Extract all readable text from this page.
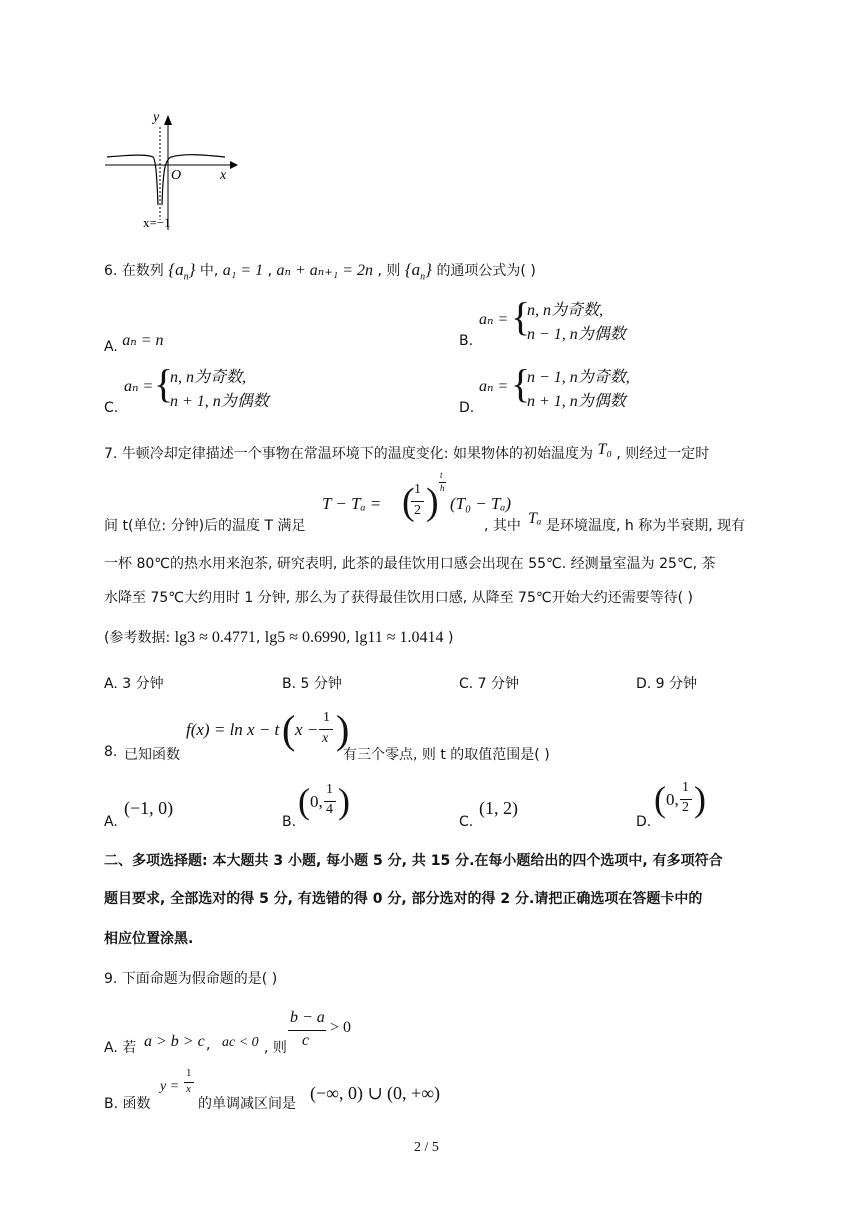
y
x
O
x=−1
6. 在数列 $\{a_n\}$ 中, a₁ = 1 , aₙ + aₙ₊₁ = 2n , 则 $\{a_n\}$ 的通项公式为( )
A. aₙ = n	B.
aₙ = {
n, n为奇数,
n − 1, n为偶数
C.
aₙ = {
n, n为奇数,
n + 1, n为偶数	D.
aₙ = {
n − 1, n为奇数,
n + 1, n为偶数
7. 牛顿冷却定律描述一个事物在常温环境下的温度变化: 如果物体的初始温度为 T₀ , 则经过一定时
间 t(单位: 分钟)后的温度 T 满足
T − Tₐ = ( 1
2 )
t
h
(T₀ − Tₐ)
, 其中 Tₐ 是环境温度, h 称为半衰期, 现有
一杯 80℃的热水用来泡茶, 研究表明, 此茶的最佳饮用口感会出现在 55℃. 经测量室温为 25℃, 茶
水降至 75℃大约用时 1 分钟, 那么为了获得最佳饮用口感, 从降至 75℃开始大约还需要等待( )
(参考数据: lg3 ≈ 0.4771, lg5 ≈ 0.6990, lg11 ≈ 1.0414 )
A. 3 分钟	B. 5 分钟	C. 7 分钟	D. 9 分钟
8. 已知函数
f(x) = ln x − t ( x −
1
x )
有三个零点, 则 t 的取值范围是( )
A.
(−1, 0)
B.
( 0,
1
4 )
C.
(1, 2)
D.
( 0,
1
2 )
二、多项选择题: 本大题共 3 小题, 每小题 5 分, 共 15 分.在每小题给出的四个选项中, 有多项符合
题目要求, 全部选对的得 5 分, 有选错的得 0 分, 部分选对的得 2 分.请把正确选项在答题卡中的
相应位置涂黑.
9. 下面命题为假命题的是( )
A. 若 a > b > c , ac < 0 , 则
b − a
c
> 0
B. 函数
y =
1
x
的单调减区间是
(−∞, 0) ∪ (0, +∞)
2 / 5
